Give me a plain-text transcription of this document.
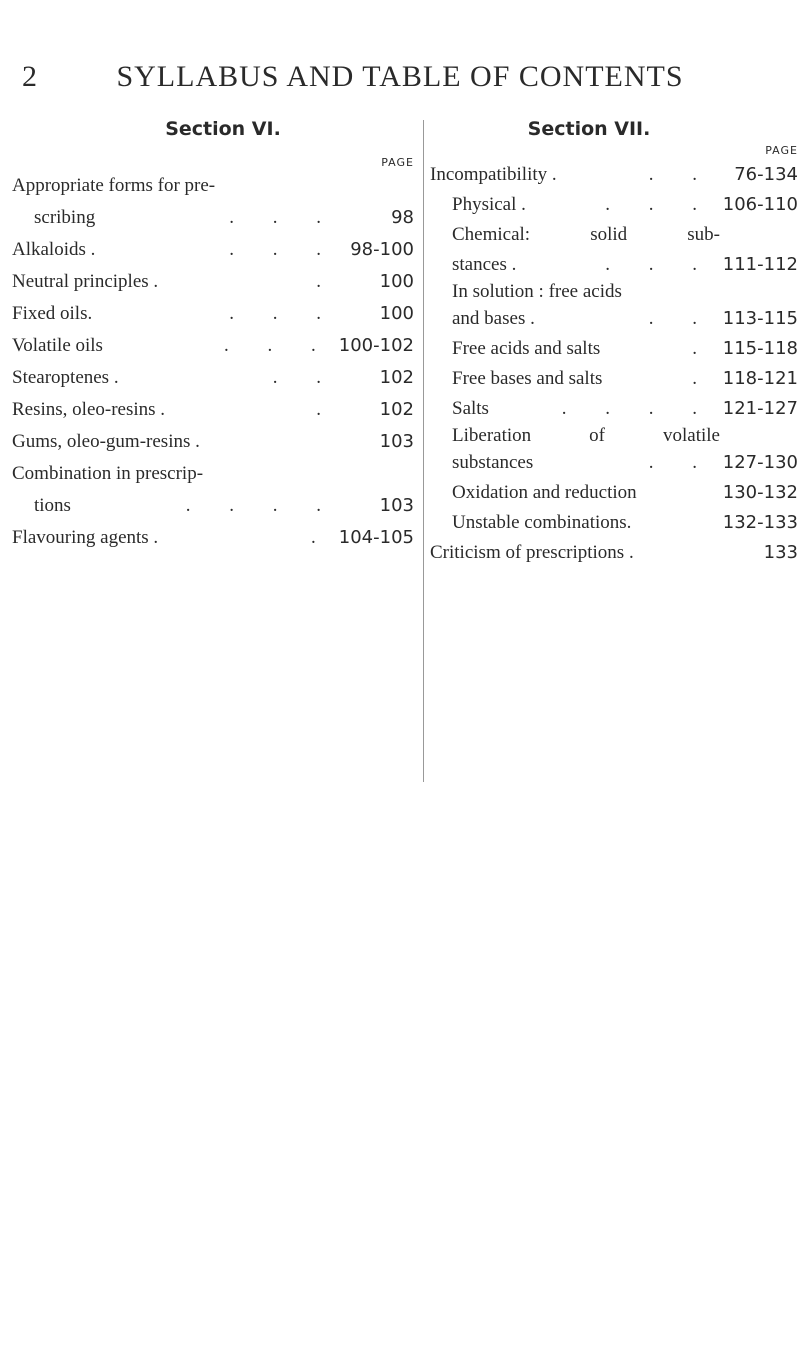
2	SYLLABUS AND TABLE OF CONTENTS
Section VI.
PAGE
Appropriate forms for pre-
scribing	. . .	98
Alkaloids .	. . . 98-100
Neutral principles .	.	100
Fixed oils.	. . .	100
Volatile oils	. . . 100-102
Stearoptenes .	. .	102
Resins, oleo-resins .	.	102
Gums, oleo-gum-resins .	103
Combination in prescrip-
tions	. . . .	103
Flavouring agents .	. 104-105
Section VII.
PAGE
Incompatibility .	. .	76-134
Physical .	. . . 106-110
Chemical:	solid	sub-
stances .	. . . 111-112
In solution : free acids
and bases .	. . 113-115
Free acids and salts	. 115-118
Free bases and salts	. 118-121
Salts	. . . . 121-127
Liberation	of	volatile
substances	. . 127-130
Oxidation and reduction	130-132
Unstable combinations.	132-133
Criticism of prescriptions .	133
